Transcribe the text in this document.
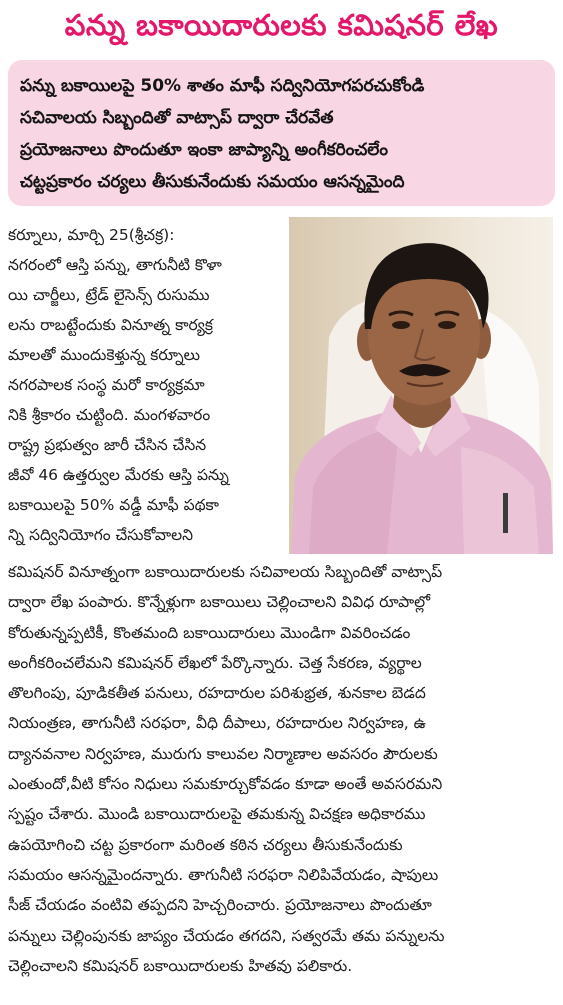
పన్ను బకాయిదారులకు కమిషనర్ లేఖ
పన్ను బకాయిలపై 50% శాతం మాఫీ సద్వినియోగపరచుకోండి
సచివాలయ సిబ్బందితో వాట్సాప్ ద్వారా చేరవేత
ప్రయోజనాలు పొందుతూ ఇంకా జాప్యాన్ని అంగీకరించలేం
చట్టప్రకారం చర్యలు తీసుకునేందుకు సమయం ఆసన్నమైంది
కర్నూలు, మార్చి 25(శ్రీచక్ర):
నగరంలో ఆస్తి పన్ను, తాగునీటి కొళా
యి చార్జీలు, ట్రేడ్ లైసెన్స్ రుసుము
లను రాబట్టేందుకు వినూత్న కార్యక్ర
మాలతో ముందుకెళ్తున్న కర్నూలు
నగరపాలక సంస్థ మరో కార్యక్రమా
నికి శ్రీకారం చుట్టింది. మంగళవారం
రాష్ట్ర ప్రభుత్వం జారీ చేసిన చేసిన
జీవో 46 ఉత్తర్వుల మేరకు ఆస్తి పన్ను
బకాయిలపై 50% వడ్డీ మాఫీ పథకా
న్ని సద్వినియోగం చేసుకోవాలని
కమిషనర్ వినూత్నంగా బకాయిదారులకు సచివాలయ సిబ్బందితో వాట్సాప్
ద్వారా లేఖ పంపారు. కొన్నేళ్లుగా బకాయిలు చెల్లించాలని వివిధ రూపాల్లో
కోరుతున్నప్పటికీ, కొంతమంది బకాయిదారులు మొండిగా వివరించడం
అంగీకరించలేమని కమిషనర్ లేఖలో పేర్కొన్నారు. చెత్త సేకరణ, వ్యర్థాల
తొలగింపు, పూడికతీత పనులు, రహదారుల పరిశుభ్రత, శునకాల బెడద
నియంత్రణ, తాగునీటి సరఫరా, వీధి దీపాలు, రహదారుల నిర్వహణ, ఉ
ద్యానవనాల నిర్వహణ, మురుగు కాలువల నిర్మాణాల అవసరం పౌరులకు
ఎంతుందో,వీటి కోసం నిధులు సమకూర్చుకోవడం కూడా అంతే అవసరమని
స్పష్టం చేశారు. మొండి బకాయిదారులపై తమకున్న విచక్షణ అధికారము
ఉపయోగించి చట్ట ప్రకారంగా మరింత కఠిన చర్యలు తీసుకునేందుకు
సమయం ఆసన్నమైందన్నారు. తాగునీటి సరఫరా నిలిపివేయడం, షాపులు
సీజ్ చేయడం వంటివి తప్పదని హెచ్చరించారు. ప్రయోజనాలు పొందుతూ
పన్నులు చెల్లింపునకు జాప్యం చేయడం తగదని, సత్వరమే తమ పన్నులను
చెల్లించాలని కమిషనర్ బకాయిదారులకు హితవు పలికారు.
